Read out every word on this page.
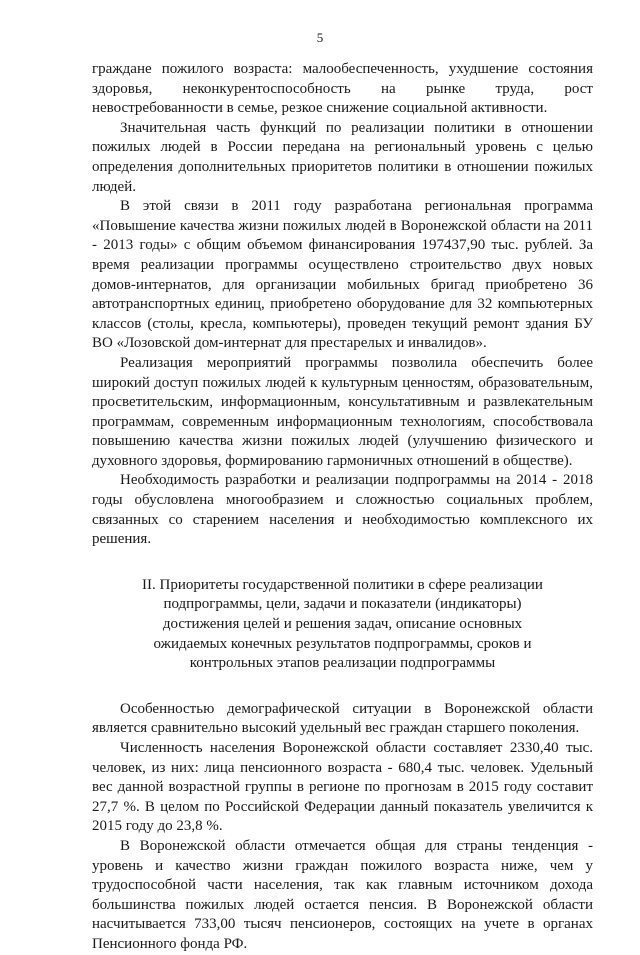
5

граждане пожилого возраста: малообеспеченность, ухудшение состояния здоровья, неконкурентоспособность на рынке труда, рост невостребованности в семье, резкое снижение социальной активности.

Значительная часть функций по реализации политики в отношении пожилых людей в России передана на региональный уровень с целью определения дополнительных приоритетов политики в отношении пожилых людей.

В этой связи в 2011 году разработана региональная программа «Повышение качества жизни пожилых людей в Воронежской области на 2011 - 2013 годы» с общим объемом финансирования 197437,90 тыс. рублей. За время реализации программы осуществлено строительство двух новых домов-интернатов, для организации мобильных бригад приобретено 36 автотранспортных единиц, приобретено оборудование для 32 компьютерных классов (столы, кресла, компьютеры), проведен текущий ремонт здания БУ ВО «Лозовской дом-интернат для престарелых и инвалидов».

Реализация мероприятий программы позволила обеспечить более широкий доступ пожилых людей к культурным ценностям, образовательным, просветительским, информационным, консультативным и развлекательным программам, современным информационным технологиям, способствовала повышению качества жизни пожилых людей (улучшению физического и духовного здоровья, формированию гармоничных отношений в обществе).

Необходимость разработки и реализации подпрограммы на 2014 - 2018 годы обусловлена многообразием и сложностью социальных проблем, связанных со старением населения и необходимостью комплексного их решения.

II. Приоритеты государственной политики в сфере реализации
подпрограммы, цели, задачи и показатели (индикаторы)
достижения целей и решения задач, описание основных
ожидаемых конечных результатов подпрограммы, сроков и
контрольных этапов реализации подпрограммы

Особенностью демографической ситуации в Воронежской области является сравнительно высокий удельный вес граждан старшего поколения.

Численность населения Воронежской области составляет 2330,40 тыс. человек, из них: лица пенсионного возраста - 680,4 тыс. человек. Удельный вес данной возрастной группы в регионе по прогнозам в 2015 году составит 27,7 %. В целом по Российской Федерации данный показатель увеличится к 2015 году до 23,8 %.

В Воронежской области отмечается общая для страны тенденция - уровень и качество жизни граждан пожилого возраста ниже, чем у трудоспособной части населения, так как главным источником дохода большинства пожилых людей остается пенсия. В Воронежской области насчитывается 733,00 тысяч пенсионеров, состоящих на учете в органах Пенсионного фонда РФ.
